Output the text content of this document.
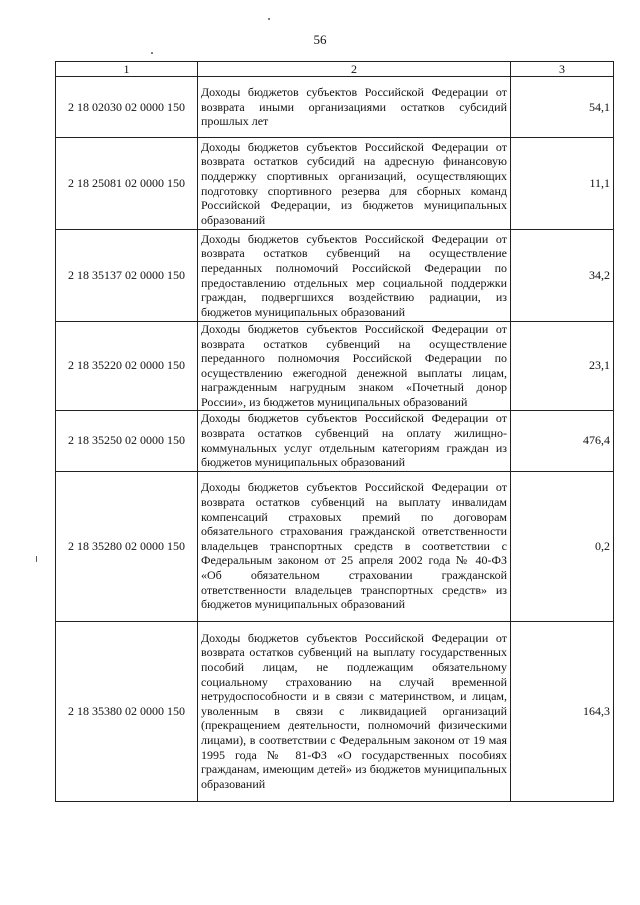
56
1	2	3
2 18 02030 02 0000 150	Доходы бюджетов субъектов Российской Федерации от возврата иными организациями остатков субсидий прошлых лет	54,1
2 18 25081 02 0000 150	Доходы бюджетов субъектов Российской Федерации от возврата остатков субсидий на адресную финансовую поддержку спортивных организаций, осуществляющих подготовку спортивного резерва для сборных команд Российской Федерации, из бюджетов муниципальных образований	11,1
2 18 35137 02 0000 150	Доходы бюджетов субъектов Российской Федерации от возврата остатков субвенций на осуществление переданных полномочий Российской Федерации по предоставлению отдельных мер социальной поддержки граждан, подвергшихся воздействию радиации, из бюджетов муниципальных образований	34,2
2 18 35220 02 0000 150	Доходы бюджетов субъектов Российской Федерации от возврата остатков субвенций на осуществление переданного полномочия Российской Федерации по осуществлению ежегодной денежной выплаты лицам, награжденным нагрудным знаком «Почетный донор России», из бюджетов муниципальных образований	23,1
2 18 35250 02 0000 150	Доходы бюджетов субъектов Российской Федерации от возврата остатков субвенций на оплату жилищно-коммунальных услуг отдельным категориям граждан из бюджетов муниципальных образований	476,4
2 18 35280 02 0000 150	Доходы бюджетов субъектов Российской Федерации от возврата остатков субвенций на выплату инвалидам компенсаций страховых премий по договорам обязательного страхования гражданской ответственности владельцев транспортных средств в соответствии с Федеральным законом от 25 апреля 2002 года № 40-ФЗ «Об обязательном страховании гражданской ответственности владельцев транспортных средств» из бюджетов муниципальных образований	0,2
2 18 35380 02 0000 150	Доходы бюджетов субъектов Российской Федерации от возврата остатков субвенций на выплату государственных пособий лицам, не подлежащим обязательному социальному страхованию на случай временной нетрудоспособности и в связи с материнством, и лицам, уволенным в связи с ликвидацией организаций (прекращением деятельности, полномочий физическими лицами), в соответствии с Федеральным законом от 19 мая 1995 года № 81-ФЗ «О государственных пособиях гражданам, имеющим детей» из бюджетов муниципальных образований	164,3
